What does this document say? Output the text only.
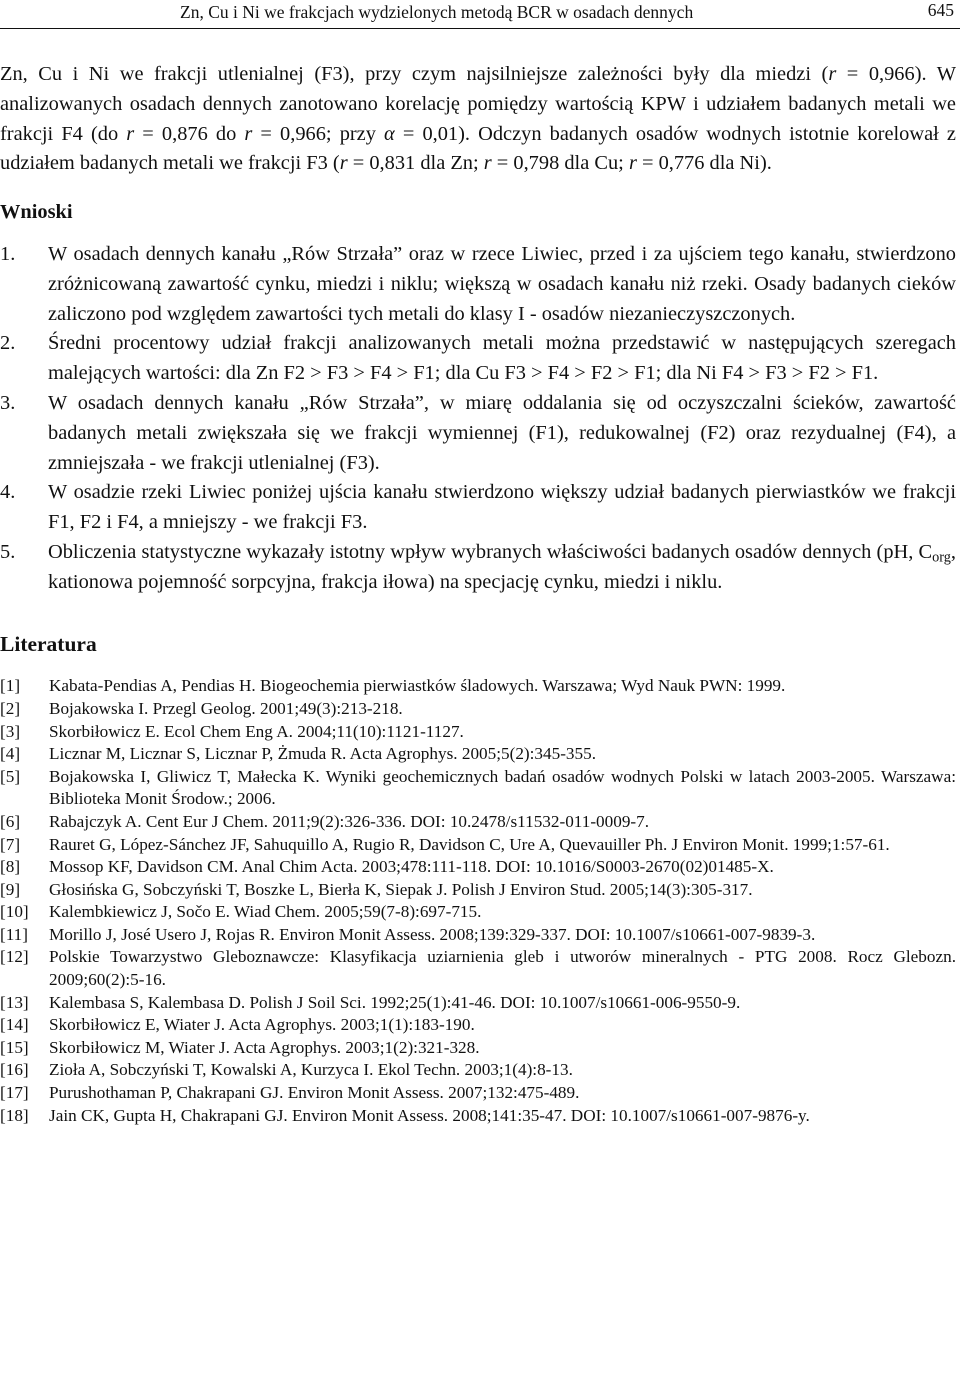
Zn, Cu i Ni we frakcjach wydzielonych metodą BCR w osadach dennych	645

Zn, Cu i Ni we frakcji utlenialnej (F3), przy czym najsilniejsze zależności były dla miedzi (r = 0,966). W analizowanych osadach dennych zanotowano korelację pomiędzy wartością KPW i udziałem badanych metali we frakcji F4 (do r = 0,876 do r = 0,966; przy α = 0,01). Odczyn badanych osadów wodnych istotnie korelował z udziałem badanych metali we frakcji F3 (r = 0,831 dla Zn; r = 0,798 dla Cu; r = 0,776 dla Ni).

Wnioski
1. W osadach dennych kanału „Rów Strzała” oraz w rzece Liwiec, przed i za ujściem tego kanału, stwierdzono zróżnicowaną zawartość cynku, miedzi i niklu; większą w osadach kanału niż rzeki. Osady badanych cieków zaliczono pod względem zawartości tych metali do klasy I - osadów niezanieczyszczonych.
2. Średni procentowy udział frakcji analizowanych metali można przedstawić w następujących szeregach malejących wartości: dla Zn F2 > F3 > F4 > F1; dla Cu F3 > F4 > F2 > F1; dla Ni F4 > F3 > F2 > F1.
3. W osadach dennych kanału „Rów Strzała”, w miarę oddalania się od oczyszczalni ścieków, zawartość badanych metali zwiększała się we frakcji wymiennej (F1), redukowalnej (F2) oraz rezydualnej (F4), a zmniejszała - we frakcji utlenialnej (F3).
4. W osadzie rzeki Liwiec poniżej ujścia kanału stwierdzono większy udział badanych pierwiastków we frakcji F1, F2 i F4, a mniejszy - we frakcji F3.
5. Obliczenia statystyczne wykazały istotny wpływ wybranych właściwości badanych osadów dennych (pH, $C_{org}$, kationowa pojemność sorpcyjna, frakcja iłowa) na specjację cynku, miedzi i niklu.
Literatura
[1] Kabata-Pendias A, Pendias H. Biogeochemia pierwiastków śladowych. Warszawa; Wyd Nauk PWN: 1999.
[2] Bojakowska I. Przegl Geolog. 2001;49(3):213-218.
[3] Skorbiłowicz E. Ecol Chem Eng A. 2004;11(10):1121-1127.
[4] Licznar M, Licznar S, Licznar P, Żmuda R. Acta Agrophys. 2005;5(2):345-355.
[5] Bojakowska I, Gliwicz T, Małecka K. Wyniki geochemicznych badań osadów wodnych Polski w latach 2003-2005. Warszawa: Biblioteka Monit Środow.; 2006.
[6] Rabajczyk A. Cent Eur J Chem. 2011;9(2):326-336. DOI: 10.2478/s11532-011-0009-7.
[7] Rauret G, López-Sánchez JF, Sahuquillo A, Rugio R, Davidson C, Ure A, Quevauiller Ph. J Environ Monit. 1999;1:57-61.
[8] Mossop KF, Davidson CM. Anal Chim Acta. 2003;478:111-118. DOI: 10.1016/S0003-2670(02)01485-X.
[9] Głosińska G, Sobczyński T, Boszke L, Bierła K, Siepak J. Polish J Environ Stud. 2005;14(3):305-317.
[10] Kalembkiewicz J, Sočo E. Wiad Chem. 2005;59(7-8):697-715.
[11] Morillo J, José Usero J, Rojas R. Environ Monit Assess. 2008;139:329-337. DOI: 10.1007/s10661-007-9839-3.
[12] Polskie Towarzystwo Gleboznawcze: Klasyfikacja uziarnienia gleb i utworów mineralnych - PTG 2008. Rocz Glebozn. 2009;60(2):5-16.
[13] Kalembasa S, Kalembasa D. Polish J Soil Sci. 1992;25(1):41-46. DOI: 10.1007/s10661-006-9550-9.
[14] Skorbiłowicz E, Wiater J. Acta Agrophys. 2003;1(1):183-190.
[15] Skorbiłowicz M, Wiater J. Acta Agrophys. 2003;1(2):321-328.
[16] Zioła A, Sobczyński T, Kowalski A, Kurzyca I. Ekol Techn. 2003;1(4):8-13.
[17] Purushothaman P, Chakrapani GJ. Environ Monit Assess. 2007;132:475-489.
[18] Jain CK, Gupta H, Chakrapani GJ. Environ Monit Assess. 2008;141:35-47. DOI: 10.1007/s10661-007-9876-y.
